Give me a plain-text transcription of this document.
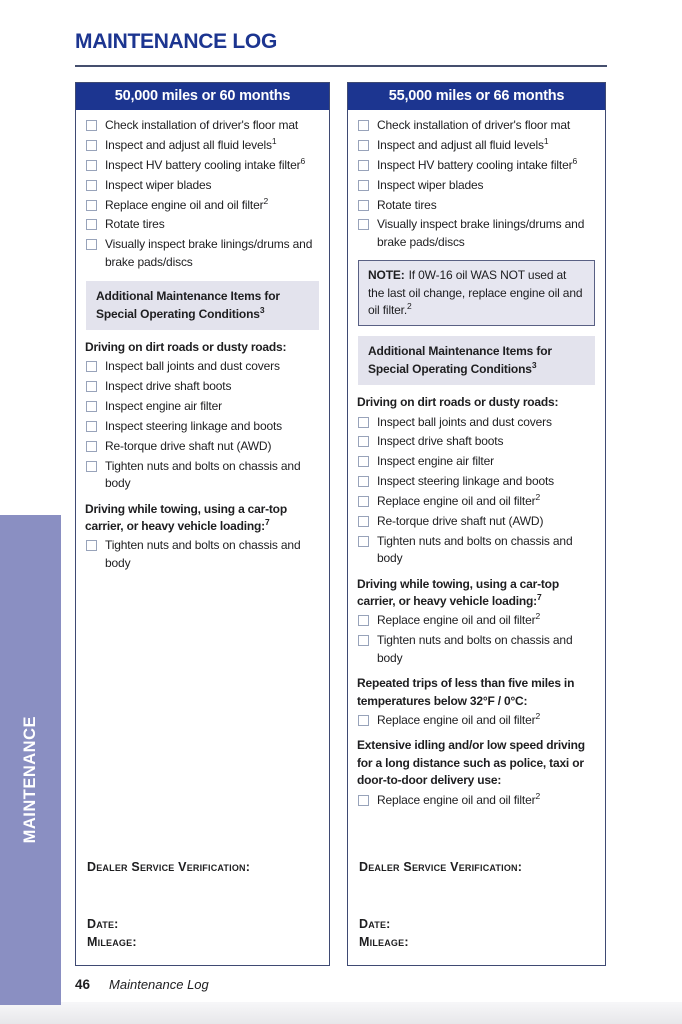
MAINTENANCE
MAINTENANCE LOG
50,000 miles or 60 months
Check installation of driver's floor mat
Inspect and adjust all fluid levels$^1$
Inspect HV battery cooling intake filter$^6$
Inspect wiper blades
Replace engine oil and oil filter$^2$
Rotate tires
Visually inspect brake linings/drums and brake pads/discs
Additional Maintenance Items for Special Operating Conditions$^3$
Driving on dirt roads or dusty roads:
Inspect ball joints and dust covers
Inspect drive shaft boots
Inspect engine air filter
Inspect steering linkage and boots
Re-torque drive shaft nut (AWD)
Tighten nuts and bolts on chassis and body
Driving while towing, using a car-top carrier, or heavy vehicle loading:$^7$
Tighten nuts and bolts on chassis and body
Dealer Service Verification:
Date:
Mileage:
55,000 miles or 66 months
Check installation of driver's floor mat
Inspect and adjust all fluid levels$^1$
Inspect HV battery cooling intake filter$^6$
Inspect wiper blades
Rotate tires
Visually inspect brake linings/drums and brake pads/discs
NOTE: If 0W-16 oil WAS NOT used at the last oil change, replace engine oil and oil filter.$^2$
Additional Maintenance Items for Special Operating Conditions$^3$
Driving on dirt roads or dusty roads:
Inspect ball joints and dust covers
Inspect drive shaft boots
Inspect engine air filter
Inspect steering linkage and boots
Replace engine oil and oil filter$^2$
Re-torque drive shaft nut (AWD)
Tighten nuts and bolts on chassis and body
Driving while towing, using a car-top carrier, or heavy vehicle loading:$^7$
Replace engine oil and oil filter$^2$
Tighten nuts and bolts on chassis and body
Repeated trips of less than five miles in temperatures below 32°F / 0°C:
Replace engine oil and oil filter$^2$
Extensive idling and/or low speed driving for a long distance such as police, taxi or door-to-door delivery use:
Replace engine oil and oil filter$^2$
Dealer Service Verification:
Date:
Mileage:
46 Maintenance Log
